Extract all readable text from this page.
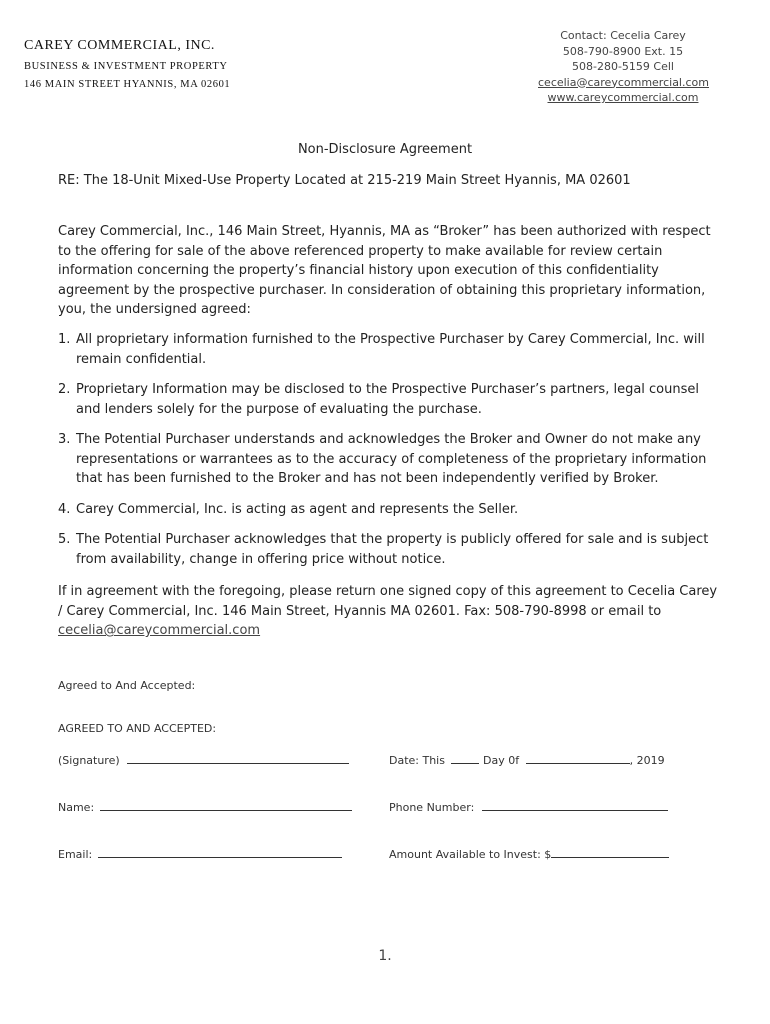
CAREY COMMERCIAL, INC.
BUSINESS & INVESTMENT PROPERTY
146 MAIN STREET HYANNIS, MA 02601
Contact: Cecelia Carey
508-790-8900 Ext. 15
508-280-5159 Cell
cecelia@careycommercial.com
www.careycommercial.com
Non-Disclosure Agreement
RE: The 18-Unit Mixed-Use Property Located at 215-219 Main Street Hyannis, MA 02601
Carey Commercial, Inc., 146 Main Street, Hyannis, MA as “Broker” has been authorized with respect to the offering for sale of the above referenced property to make available for review certain information concerning the property’s financial history upon execution of this confidentiality agreement by the prospective purchaser. In consideration of obtaining this proprietary information, you, the undersigned agreed:
1. All proprietary information furnished to the Prospective Purchaser by Carey Commercial, Inc. will remain confidential.
2. Proprietary Information may be disclosed to the Prospective Purchaser’s partners, legal counsel and lenders solely for the purpose of evaluating the purchase.
3. The Potential Purchaser understands and acknowledges the Broker and Owner do not make any representations or warrantees as to the accuracy of completeness of the proprietary information that has been furnished to the Broker and has not been independently verified by Broker.
4. Carey Commercial, Inc. is acting as agent and represents the Seller.
5. The Potential Purchaser acknowledges that the property is publicly offered for sale and is subject from availability, change in offering price without notice.
If in agreement with the foregoing, please return one signed copy of this agreement to Cecelia Carey / Carey Commercial, Inc. 146 Main Street, Hyannis MA 02601. Fax: 508-790-8998 or email to
cecelia@careycommercial.com
Agreed to And Accepted:
AGREED TO AND ACCEPTED:
(Signature)	Date: This	Day 0f	, 2019
Name:	Phone Number:
Email:	Amount Available to Invest: $
1.
